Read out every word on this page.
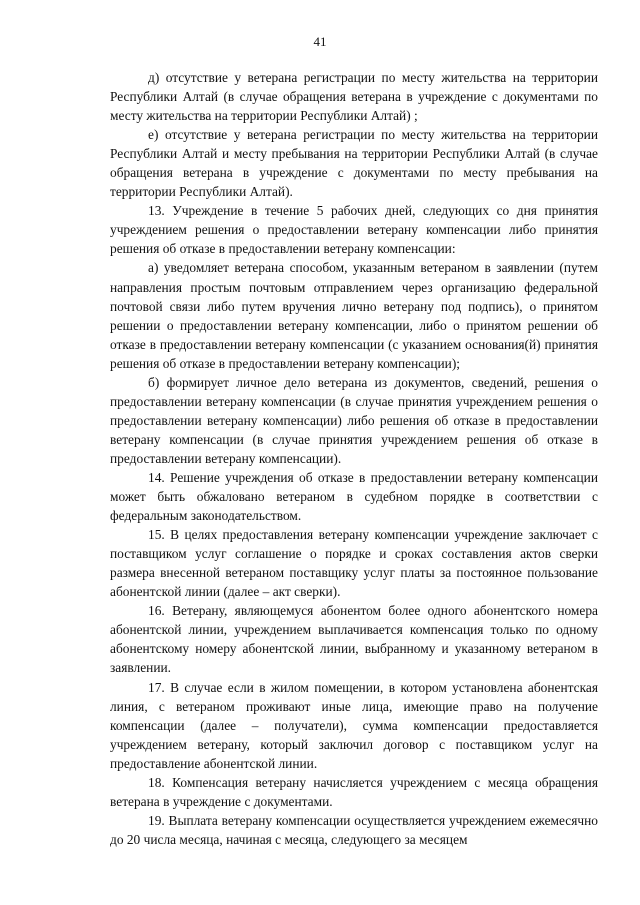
41

д) отсутствие у ветерана регистрации по месту жительства на территории Республики Алтай (в случае обращения ветерана в учреждение с документами по месту жительства на территории Республики Алтай) ;

е) отсутствие у ветерана регистрации по месту жительства на территории Республики Алтай и месту пребывания на территории Республики Алтай (в случае обращения ветерана в учреждение с документами по месту пребывания на территории Республики Алтай).

13. Учреждение в течение 5 рабочих дней, следующих со дня принятия учреждением решения о предоставлении ветерану компенсации либо принятия решения об отказе в предоставлении ветерану компенсации:

а) уведомляет ветерана способом, указанным ветераном в заявлении (путем направления простым почтовым отправлением через организацию федеральной почтовой связи либо путем вручения лично ветерану под подпись), о принятом решении о предоставлении ветерану компенсации, либо о принятом решении об отказе в предоставлении ветерану компенсации (с указанием основания(й) принятия решения об отказе в предоставлении ветерану компенсации);

б) формирует личное дело ветерана из документов, сведений, решения о предоставлении ветерану компенсации (в случае принятия учреждением решения о предоставлении ветерану компенсации) либо решения об отказе в предоставлении ветерану компенсации (в случае принятия учреждением решения об отказе в предоставлении ветерану компенсации).

14. Решение учреждения об отказе в предоставлении ветерану компенсации может быть обжаловано ветераном в судебном порядке в соответствии с федеральным законодательством.

15. В целях предоставления ветерану компенсации учреждение заключает с поставщиком услуг соглашение о порядке и сроках составления актов сверки размера внесенной ветераном поставщику услуг платы за постоянное пользование абонентской линии (далее – акт сверки).

16. Ветерану, являющемуся абонентом более одного абонентского номера абонентской линии, учреждением выплачивается компенсация только по одному абонентскому номеру абонентской линии, выбранному и указанному ветераном в заявлении.

17. В случае если в жилом помещении, в котором установлена абонентская линия, с ветераном проживают иные лица, имеющие право на получение компенсации (далее – получатели), сумма компенсации предоставляется учреждением ветерану, который заключил договор с поставщиком услуг на предоставление абонентской линии.

18. Компенсация ветерану начисляется учреждением с месяца обращения ветерана в учреждение с документами.

19. Выплата ветерану компенсации осуществляется учреждением ежемесячно до 20 числа месяца, начиная с месяца, следующего за месяцем
